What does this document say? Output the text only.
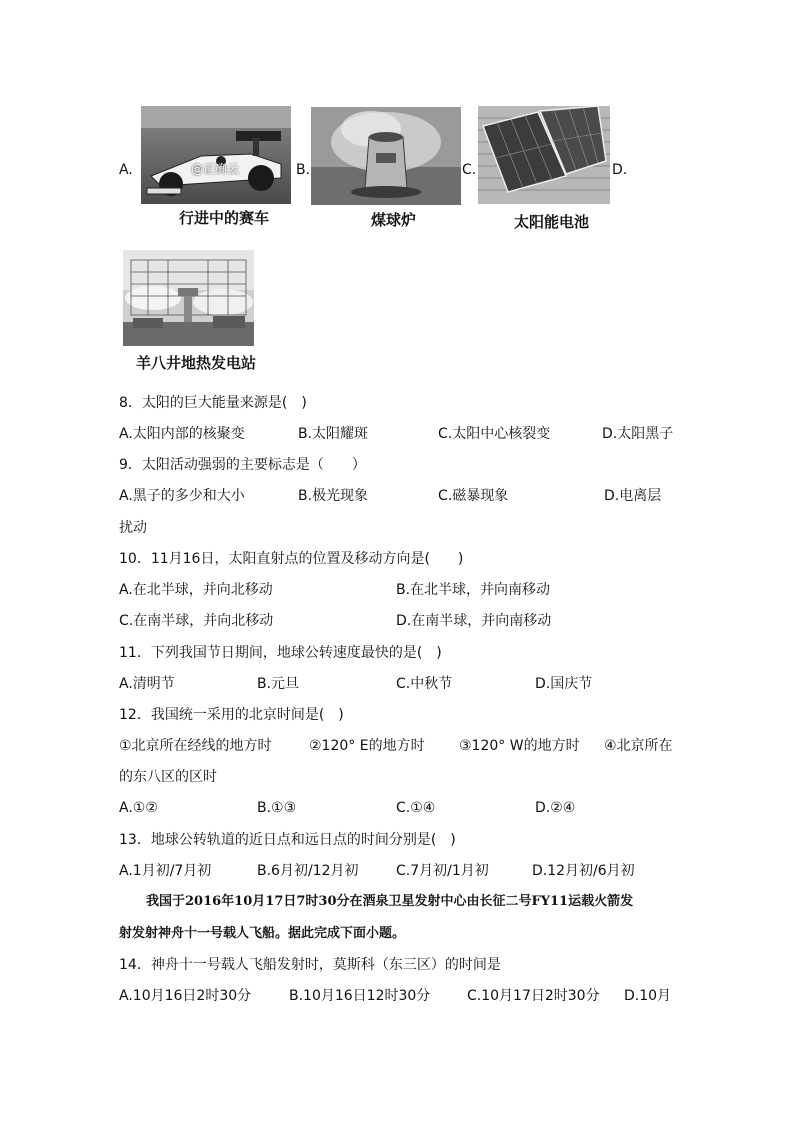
A.	B.	C.	D.
@正确云
行进中的赛车	煤球炉	太阳能电池
羊八井地热发电站
8．太阳的巨大能量来源是(　)
A.太阳内部的核聚变	B.太阳耀斑	C.太阳中心核裂变	D.太阳黑子
9．太阳活动强弱的主要标志是（　　）
A.黑子的多少和大小	B.极光现象	C.磁暴现象	D.电离层
扰动
10．11月16日，太阳直射点的位置及移动方向是(　　)
A.在北半球，并向北移动	B.在北半球，并向南移动
C.在南半球，并向北移动	D.在南半球，并向南移动
11．下列我国节日期间，地球公转速度最快的是(　)
A.清明节	B.元旦	C.中秋节	D.国庆节
12．我国统一采用的北京时间是(　)
①北京所在经线的地方时	②120° E的地方时 ③120° W的地方时 ④北京所在
的东八区的区时
A.①②	B.①③	C.①④	D.②④
13．地球公转轨道的近日点和远日点的时间分别是(　)
A.1月初/7月初	B.6月初/12月初	C.7月初/1月初	D.12月初/6月初
我国于2016年10月17日7时30分在酒泉卫星发射中心由长征二号FY11运载火箭发
射发射神舟十一号载人飞船。据此完成下面小题。
14．神舟十一号载人飞船发射时，莫斯科（东三区）的时间是
A.10月16日2时30分	B.10月16日12时30分	C.10月17日2时30分 D.10月
